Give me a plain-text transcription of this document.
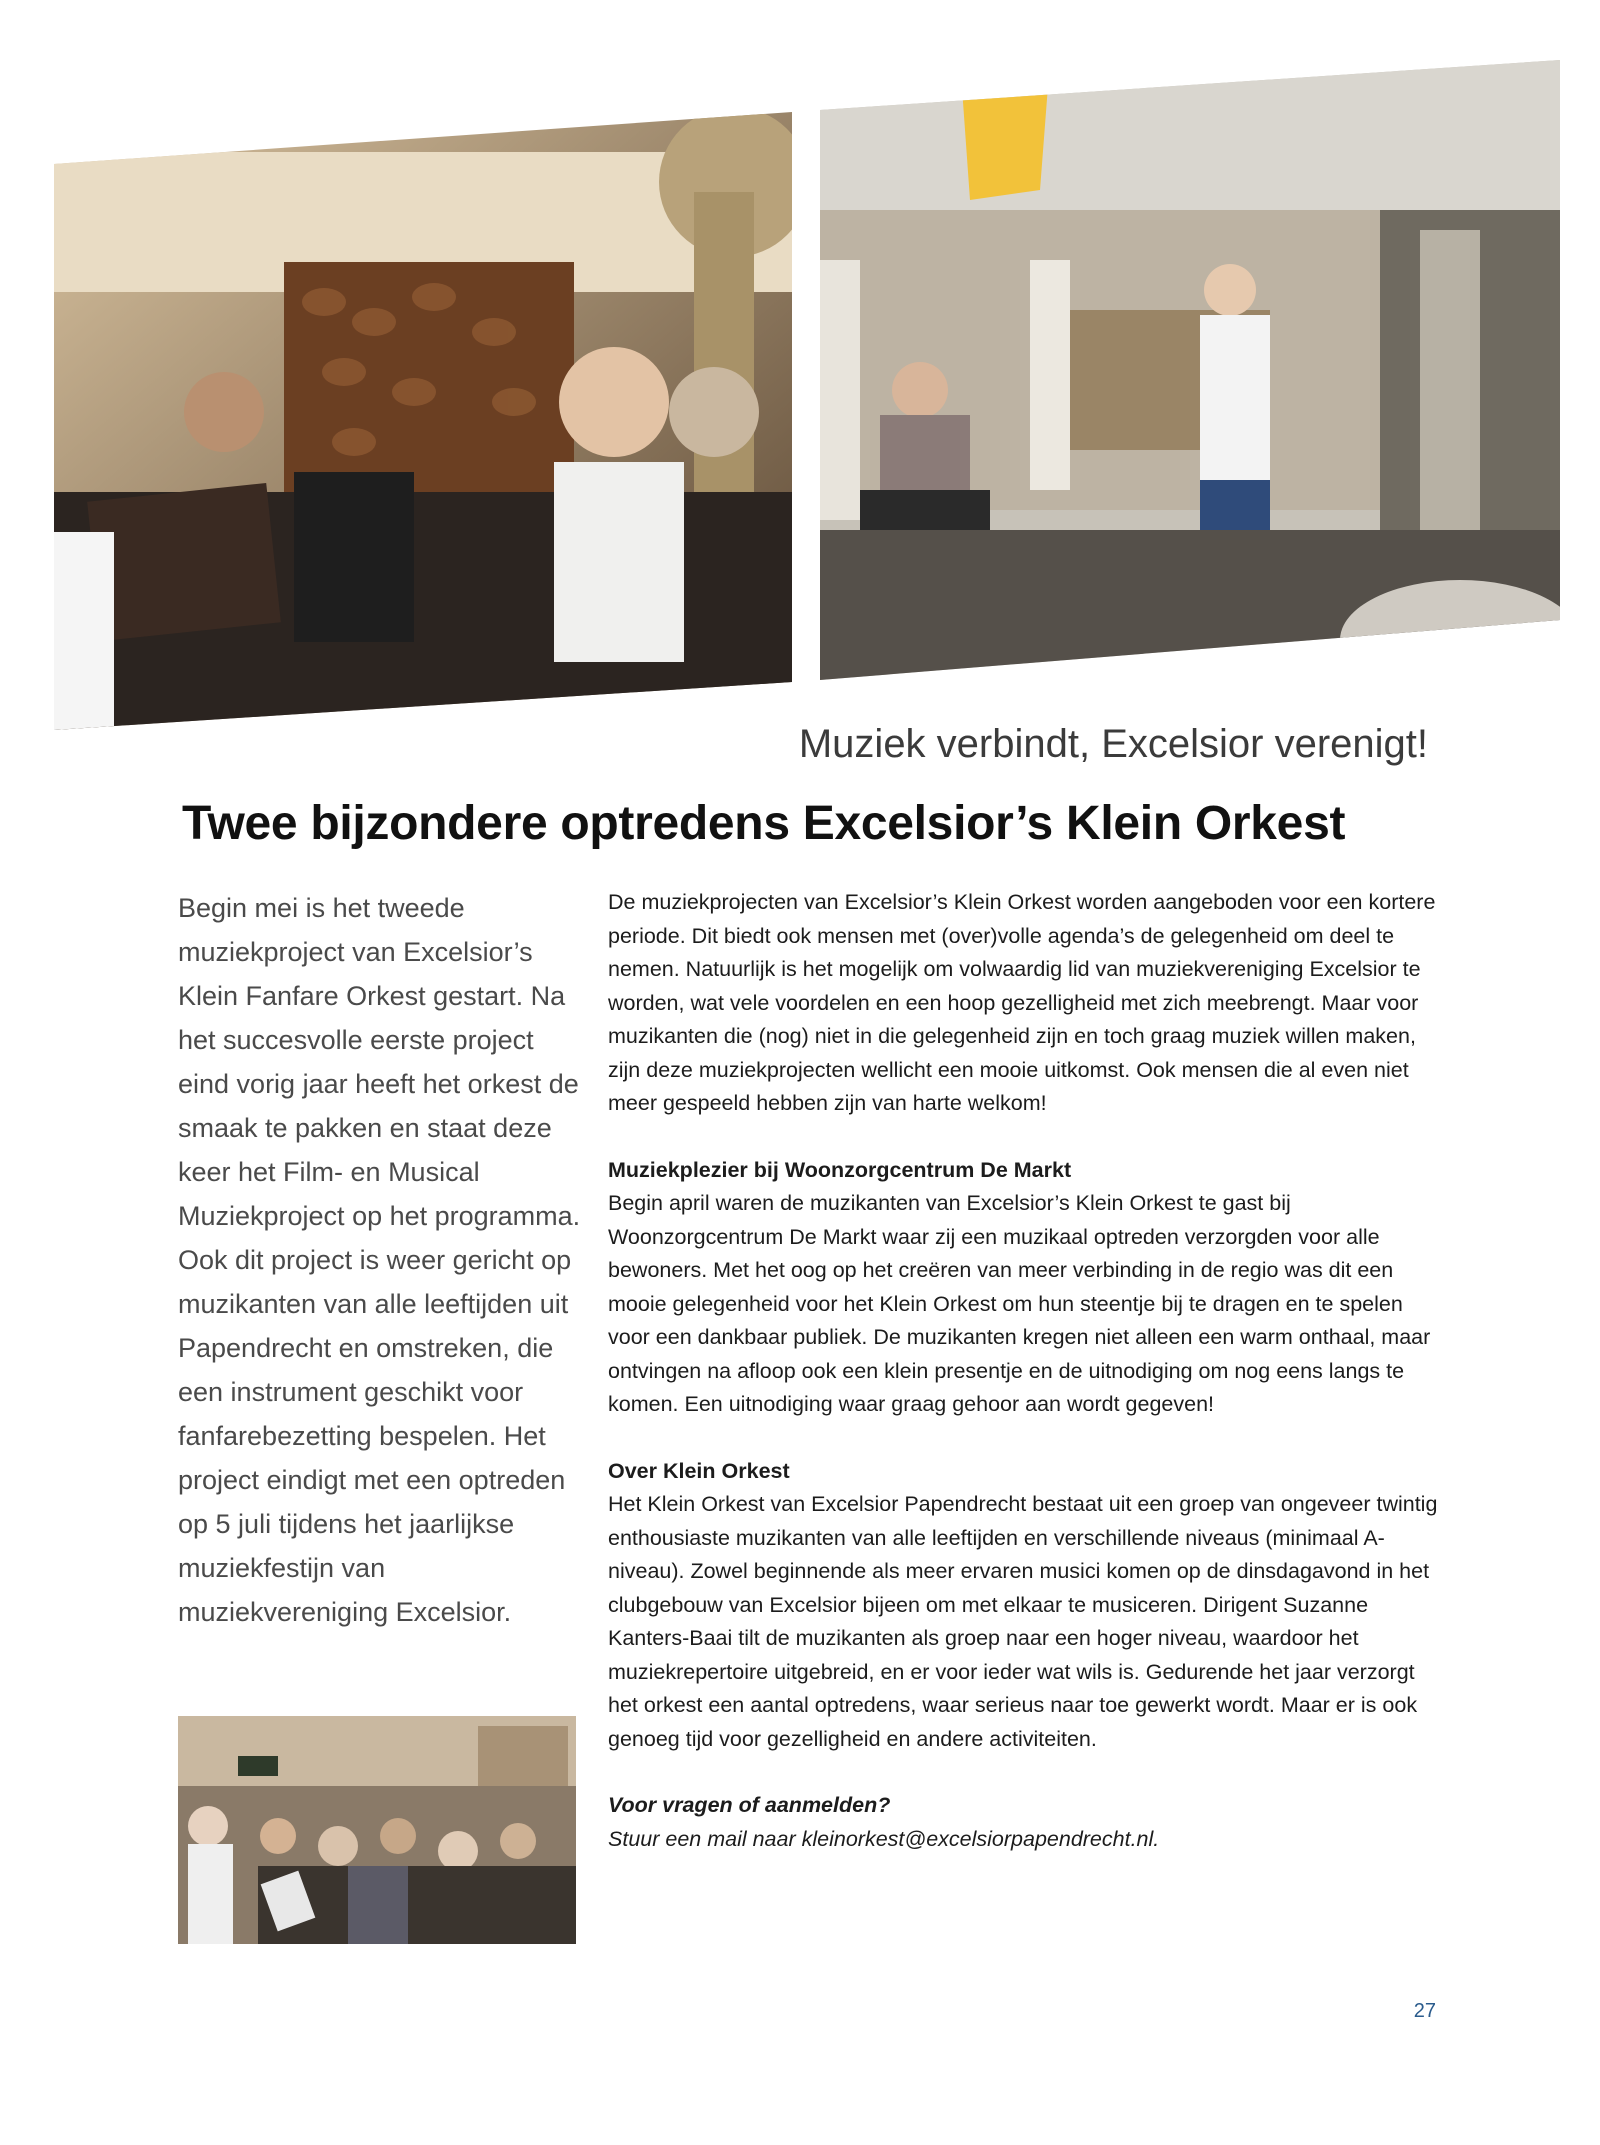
Muziek verbindt, Excelsior verenigt!
Twee bijzondere optredens Excelsior’s Klein Orkest
Begin mei is het tweede muziekproject van Excelsior’s Klein Fanfare Orkest gestart. Na het succesvolle eerste project eind vorig jaar heeft het orkest de smaak te pakken en staat deze keer het Film- en Musical Muziekproject op het programma. Ook dit project is weer gericht op muzikanten van alle leeftijden uit Papendrecht en omstreken, die een instrument geschikt voor fanfarebezetting bespelen. Het project eindigt met een optreden op 5 juli tijdens het jaarlijkse muziekfestijn van muziekvereniging Excelsior.

De muziekprojecten van Excelsior’s Klein Orkest worden aangeboden voor een kortere periode. Dit biedt ook mensen met (over)volle agenda’s de gelegenheid om deel te nemen. Natuurlijk is het mogelijk om volwaardig lid van muziekvereniging Excelsior te worden, wat vele voordelen en een hoop gezelligheid met zich meebrengt. Maar voor muzikanten die (nog) niet in die gelegenheid zijn en toch graag muziek willen maken, zijn deze muziekprojecten wellicht een mooie uitkomst. Ook mensen die al even niet meer gespeeld hebben zijn van harte welkom!

Muziekplezier bij Woonzorgcentrum De Markt
Begin april waren de muzikanten van Excelsior’s Klein Orkest te gast bij Woonzorgcentrum De Markt waar zij een muzikaal optreden verzorgden voor alle bewoners. Met het oog op het creëren van meer verbinding in de regio was dit een mooie gelegenheid voor het Klein Orkest om hun steentje bij te dragen en te spelen voor een dankbaar publiek. De muzikanten kregen niet alleen een warm onthaal, maar ontvingen na afloop ook een klein presentje en de uitnodiging om nog eens langs te komen. Een uitnodiging waar graag gehoor aan wordt gegeven!

Over Klein Orkest
Het Klein Orkest van Excelsior Papendrecht bestaat uit een groep van ongeveer twintig enthousiaste muzikanten van alle leeftijden en verschillende niveaus (minimaal A-niveau). Zowel beginnende als meer ervaren musici komen op de dinsdagavond in het clubgebouw van Excelsior bijeen om met elkaar te musiceren. Dirigent Suzanne Kanters-Baai tilt de muzikanten als groep naar een hoger niveau, waardoor het muziekrepertoire uitgebreid, en er voor ieder wat wils is. Gedurende het jaar verzorgt het orkest een aantal optredens, waar serieus naar toe gewerkt wordt. Maar er is ook genoeg tijd voor gezelligheid en andere activiteiten.

Voor vragen of aanmelden?
Stuur een mail naar kleinorkest@excelsiorpapendrecht.nl.

27
